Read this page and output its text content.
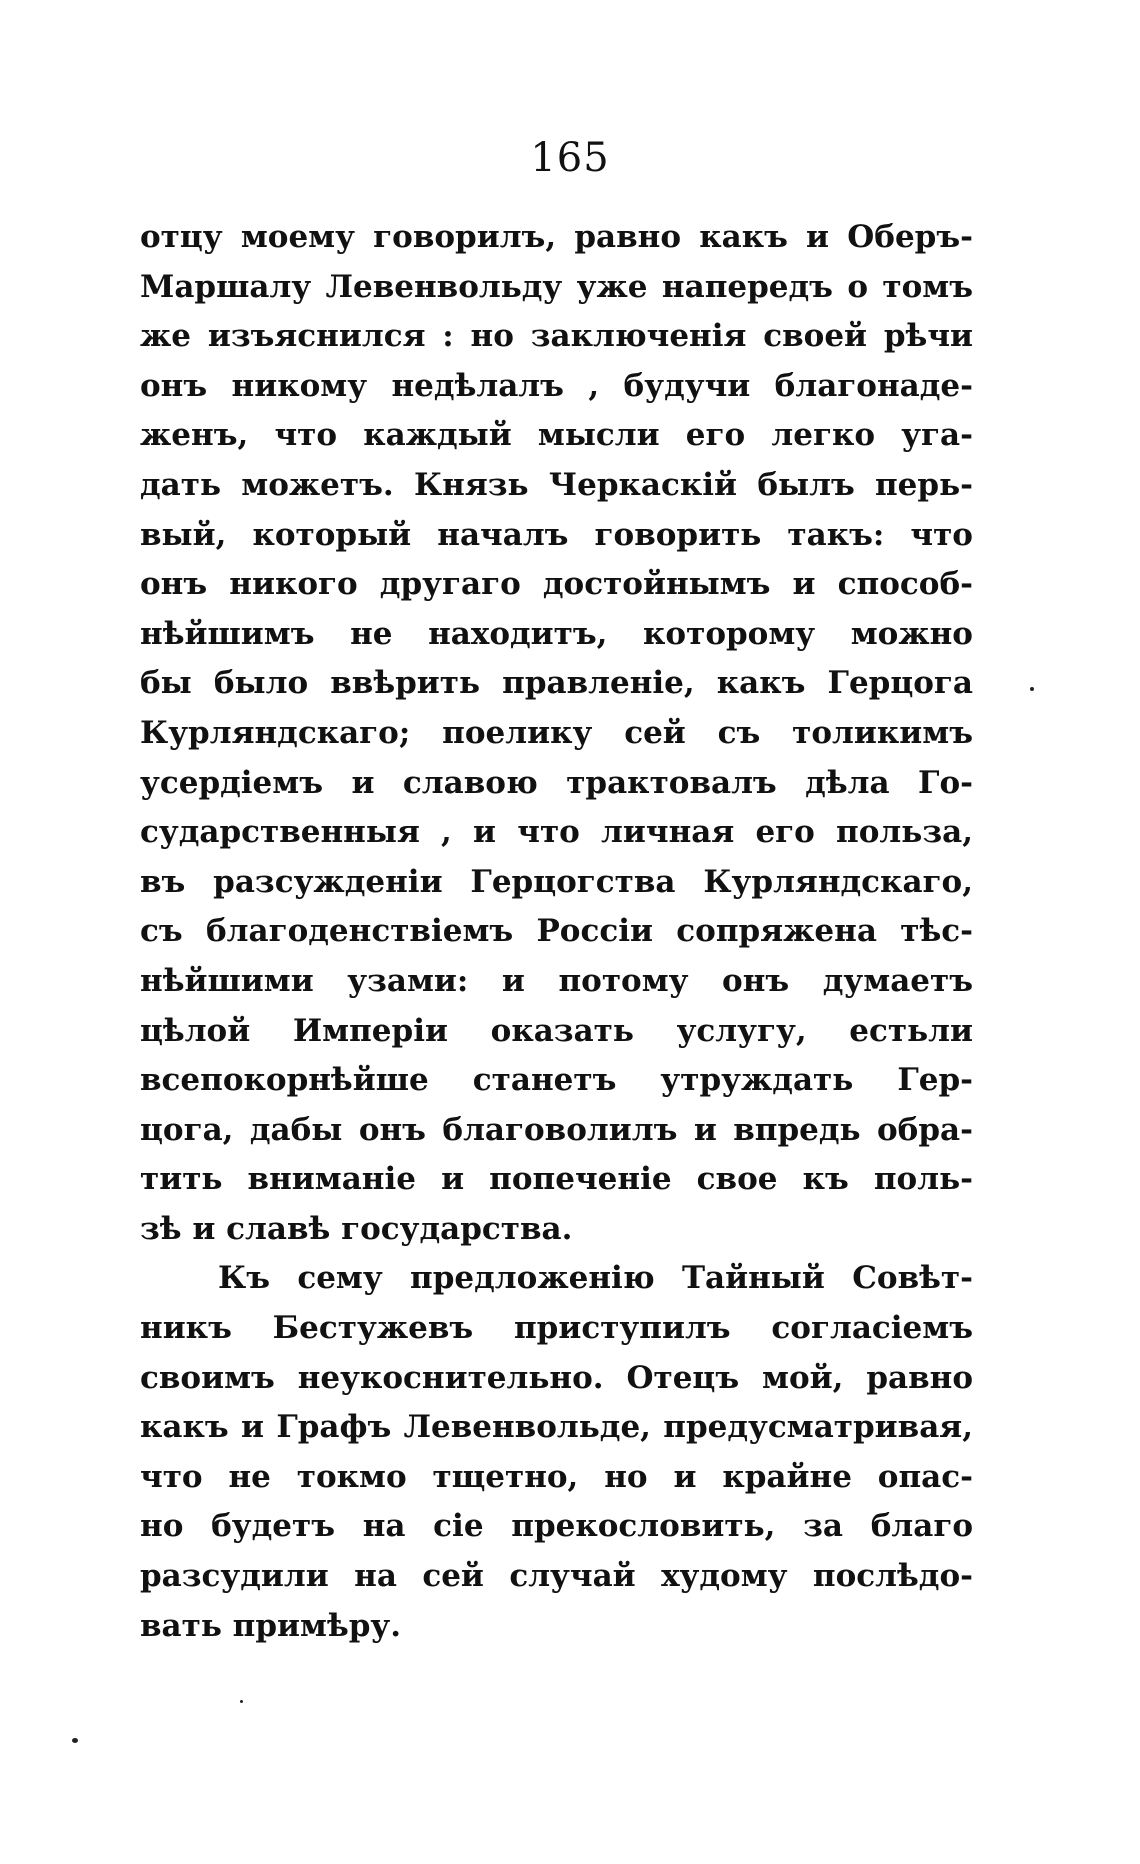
165
отцу моему говорилъ, равно какъ и Оберъ-
Маршалу Левенвольду уже напередъ о томъ
же изъяснился : но заключенія своей рѣчи
онъ никому недѣлалъ , будучи благонаде-
женъ, что каждый мысли его легко уга-
дать можетъ. Князь Черкаскій былъ перь-
вый, который началъ говорить такъ: что
онъ никого другаго достойнымъ и способ-
нѣйшимъ не находитъ, которому можно
бы было ввѣрить правленіе, какъ Герцога
Курляндскаго; поелику сей съ толикимъ
усердіемъ и славою трактовалъ дѣла Го-
сударственныя , и что личная его польза,
въ разсужденіи Герцогства Курляндскаго,
съ благоденствіемъ Россіи сопряжена тѣс-
нѣйшими узами: и потому онъ думаетъ
цѣлой Имперіи оказать услугу, естьли
всепокорнѣйше станетъ утруждать Гер-
цога, дабы онъ благоволилъ и впредь обра-
тить вниманіе и попеченіе свое къ поль-
зѣ и славѣ государства.
Къ сему предложенію Тайный Совѣт-
никъ Бестужевъ приступилъ согласіемъ
своимъ неукоснительно. Отецъ мой, равно
какъ и Графъ Левенвольде, предусматривая,
что не токмо тщетно, но и крайне опас-
но будетъ на сіе прекословить, за благо
разсудили на сей случай худому послѣдо-
вать примѣру.
